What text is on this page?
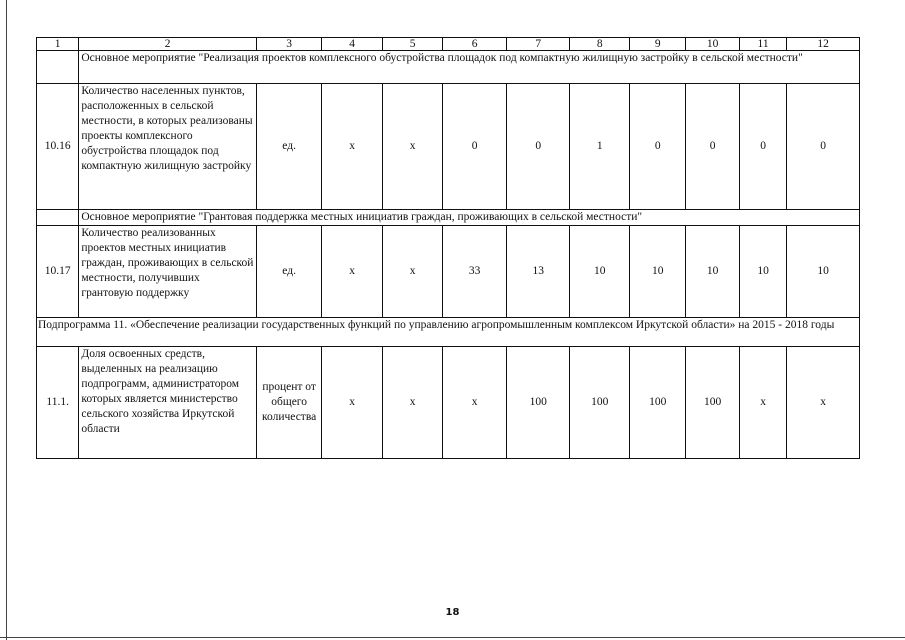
1	2	3	4	5	6	7	8	9	10	11	12
	Основное мероприятие "Реализация проектов комплексного обустройства площадок под компактную жилищную застройку в сельской местности"										
10.16	Количество населенных пунктов, расположенных в сельской местности, в которых реализованы проекты комплексного обустройства площадок под компактную жилищную застройку	ед.	x	x	0	0	1	0	0	0	0
	Основное мероприятие "Грантовая поддержка местных инициатив граждан, проживающих в сельской местности"										
10.17	Количество реализованных проектов местных инициатив граждан, проживающих в сельской местности, получивших грантовую поддержку	ед.	x	x	33	13	10	10	10	10	10
Подпрограмма 11. «Обеспечение реализации государственных функций по управлению агропромышленным комплексом Иркутской области» на 2015 - 2018 годы											
11.1.	Доля освоенных средств, выделенных на реализацию подпрограмм, администратором которых является министерство сельского хозяйства Иркутской области	процент от общего количества	x	x	x	100	100	100	100	x	x
18
